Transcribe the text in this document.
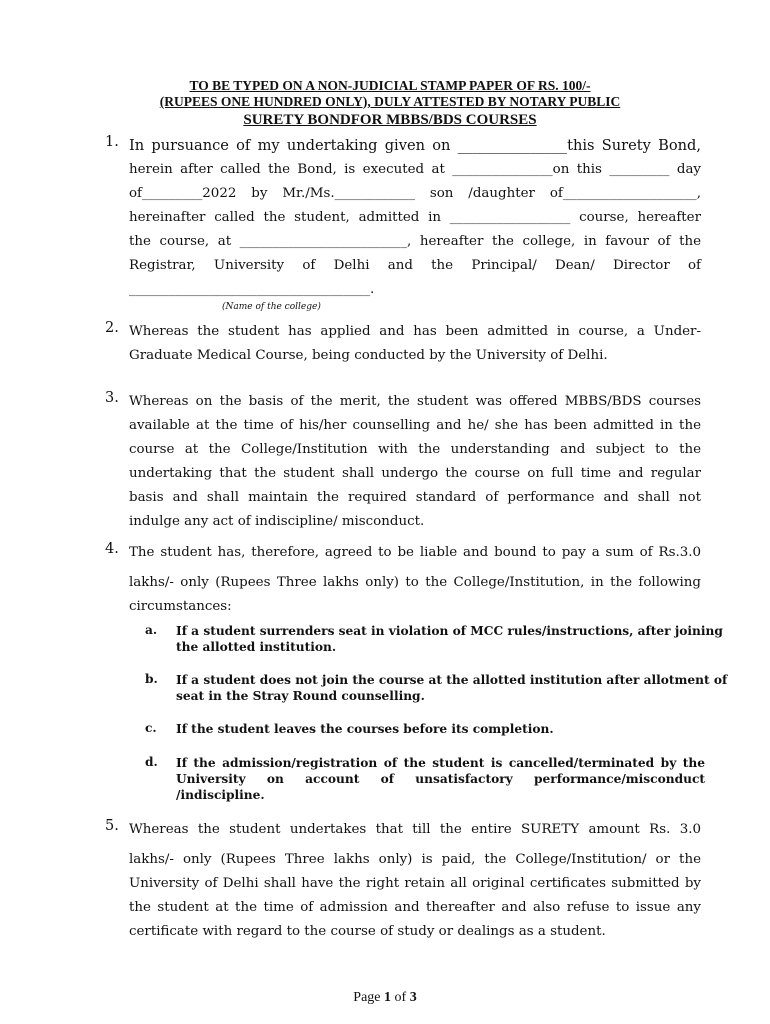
TO BE TYPED ON A NON-JUDICIAL STAMP PAPER OF RS. 100/-
(RUPEES ONE HUNDRED ONLY), DULY ATTESTED BY NOTARY PUBLIC
SURETY BONDFOR MBBS/BDS COURSES
1. In pursuance of my undertaking given on _______________this Surety Bond,
herein after called the Bond, is executed at _______________on this _________ day
of_________2022 by Mr./Ms.____________ son /daughter of____________________,
hereinafter called the student, admitted in __________________ course, hereafter
the course, at _________________________, hereafter the college, in favour of the
Registrar, University of Delhi and the Principal/ Dean/ Director of
____________________________________.
(Name of the college)
2. Whereas the student has applied and has been admitted in course, a Under-
Graduate Medical Course, being conducted by the University of Delhi.
3. Whereas on the basis of the merit, the student was offered MBBS/BDS courses
available at the time of his/her counselling and he/ she has been admitted in the
course at the College/Institution with the understanding and subject to the
undertaking that the student shall undergo the course on full time and regular
basis and shall maintain the required standard of performance and shall not
indulge any act of indiscipline/ misconduct.
4. The student has, therefore, agreed to be liable and bound to pay a sum of Rs.3.0
lakhs/- only (Rupees Three lakhs only) to the College/Institution, in the following
circumstances:
a. If a student surrenders seat in violation of MCC rules/instructions, after joining
the allotted institution.
b. If a student does not join the course at the allotted institution after allotment of
seat in the Stray Round counselling.
c. If the student leaves the courses before its completion.
d. If the admission/registration of the student is cancelled/terminated by the
University on account of unsatisfactory performance/misconduct
/indiscipline.
5. Whereas the student undertakes that till the entire SURETY amount Rs. 3.0
lakhs/- only (Rupees Three lakhs only) is paid, the College/Institution/ or the
University of Delhi shall have the right retain all original certificates submitted by
the student at the time of admission and thereafter and also refuse to issue any
certificate with regard to the course of study or dealings as a student.
Page 1 of 3
